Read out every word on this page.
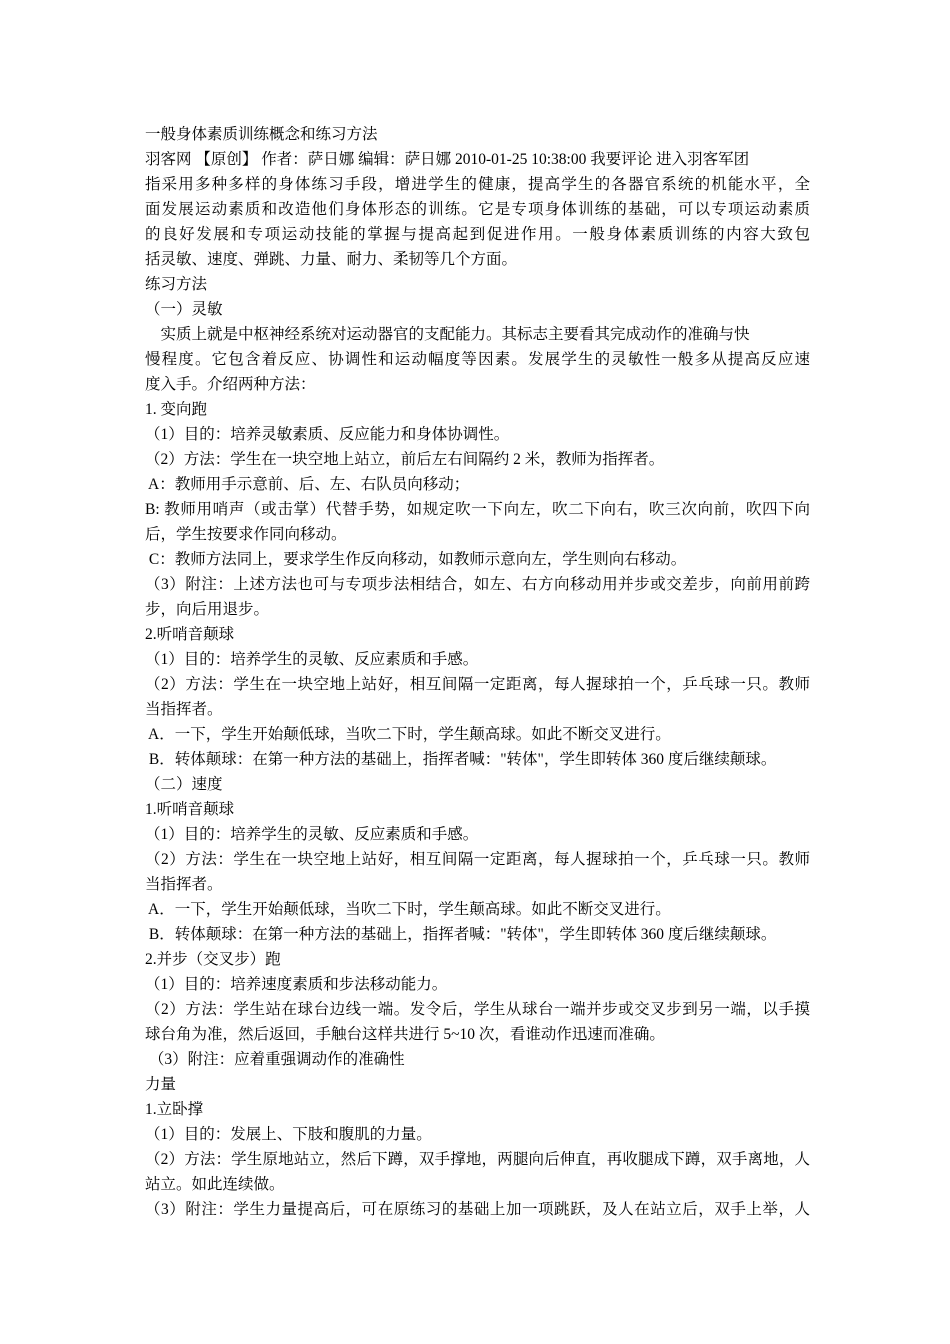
一般身体素质训练概念和练习方法
羽客网 【原创】 作者：萨日娜 编辑：萨日娜 2010-01-25 10:38:00 我要评论 进入羽客军团
指采用多种多样的身体练习手段，增进学生的健康，提高学生的各器官系统的机能水平，全
面发展运动素质和改造他们身体形态的训练。它是专项身体训练的基础，可以专项运动素质
的良好发展和专项运动技能的掌握与提高起到促进作用。一般身体素质训练的内容大致包
括灵敏、速度、弹跳、力量、耐力、柔韧等几个方面。
练习方法
（一）灵敏
实质上就是中枢神经系统对运动器官的支配能力。其标志主要看其完成动作的准确与快
慢程度。它包含着反应、协调性和运动幅度等因素。发展学生的灵敏性一般多从提高反应速
度入手。介绍两种方法：
1. 变向跑
（1）目的：培养灵敏素质、反应能力和身体协调性。
（2）方法：学生在一块空地上站立，前后左右间隔约 2 米，教师为指挥者。
A：教师用手示意前、后、左、右队员向移动；
B: 教师用哨声（或击掌）代替手势，如规定吹一下向左，吹二下向右，吹三次向前，吹四下向
后，学生按要求作同向移动。
C：教师方法同上，要求学生作反向移动，如教师示意向左，学生则向右移动。
（3）附注：上述方法也可与专项步法相结合，如左、右方向移动用并步或交差步，向前用前跨
步，向后用退步。
2.听哨音颠球
（1）目的：培养学生的灵敏、反应素质和手感。
（2）方法：学生在一块空地上站好，相互间隔一定距离，每人握球拍一个，乒乓球一只。教师
当指挥者。
A．一下，学生开始颠低球，当吹二下时，学生颠高球。如此不断交叉进行。
B．转体颠球：在第一种方法的基础上，指挥者喊："转体"，学生即转体 360 度后继续颠球。
（二）速度
1.听哨音颠球
（1）目的：培养学生的灵敏、反应素质和手感。
（2）方法：学生在一块空地上站好，相互间隔一定距离，每人握球拍一个，乒乓球一只。教师
当指挥者。
A．一下，学生开始颠低球，当吹二下时，学生颠高球。如此不断交叉进行。
B．转体颠球：在第一种方法的基础上，指挥者喊："转体"，学生即转体 360 度后继续颠球。
2.并步（交叉步）跑
（1）目的：培养速度素质和步法移动能力。
（2）方法：学生站在球台边线一端。发令后，学生从球台一端并步或交叉步到另一端，以手摸
球台角为准，然后返回，手触台这样共进行 5~10 次，看谁动作迅速而准确。
（3）附注：应着重强调动作的准确性
力量
1.立卧撑
（1）目的：发展上、下肢和腹肌的力量。
（2）方法：学生原地站立，然后下蹲，双手撑地，两腿向后伸直，再收腿成下蹲，双手离地，人
站立。如此连续做。
（3）附注：学生力量提高后，可在原练习的基础上加一项跳跃，及人在站立后，双手上举，人
